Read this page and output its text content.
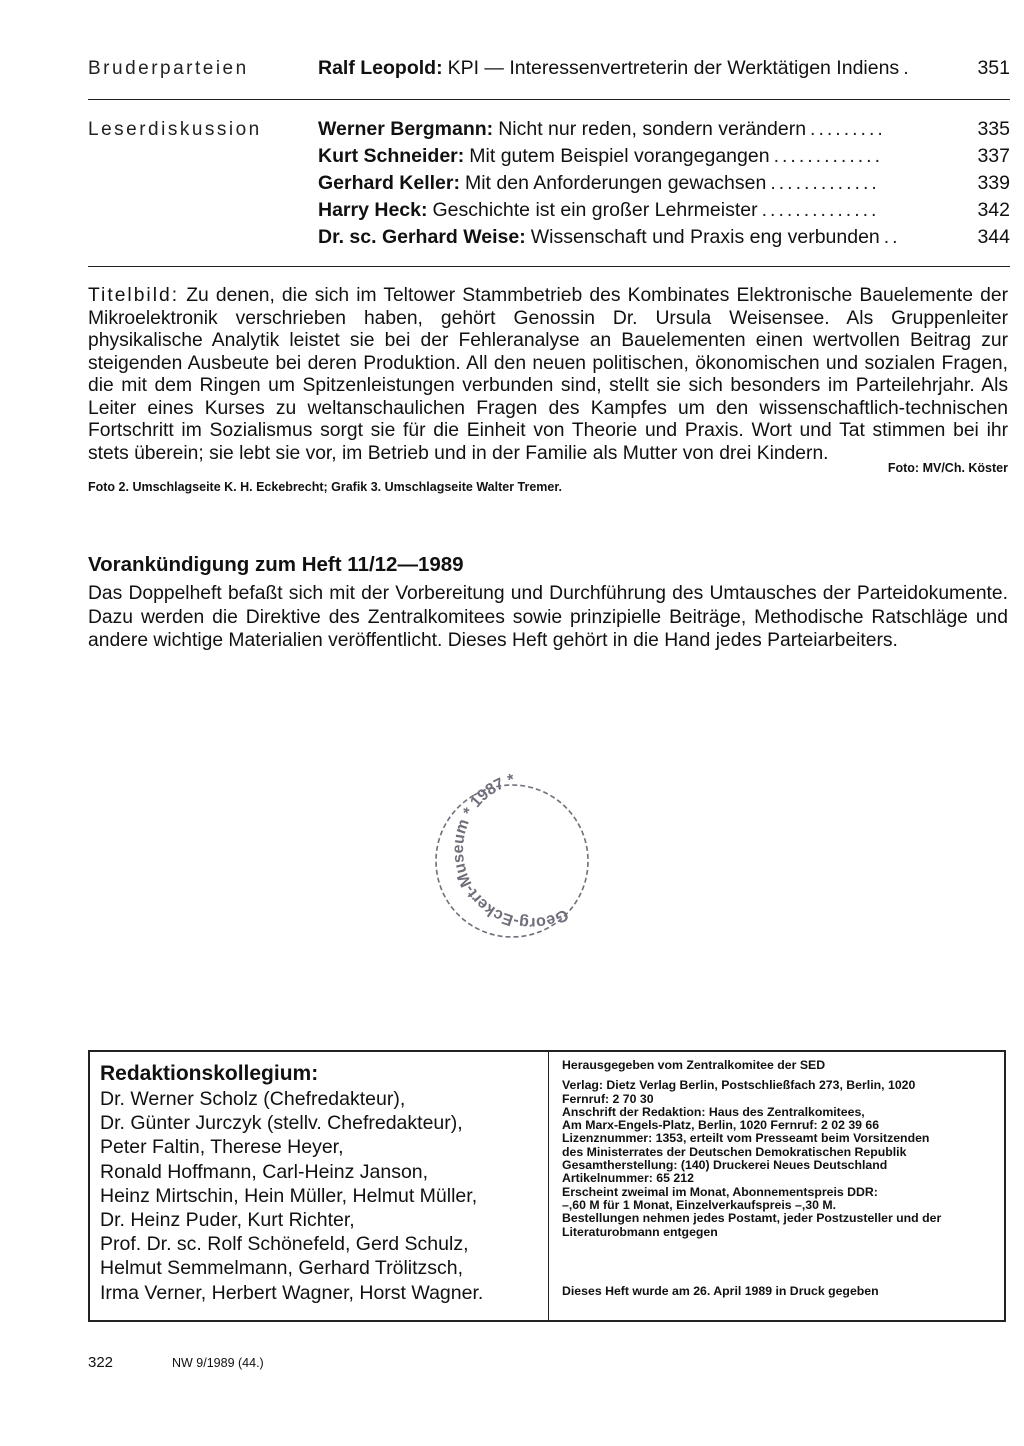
Bruderparteien	Ralf Leopold: KPI — Interessenvertreterin der Werktätigen Indiens .	351
Leserdiskussion	Werner Bergmann: Nicht nur reden, sondern verändern .........	335
Kurt Schneider: Mit gutem Beispiel vorangegangen .............	337
Gerhard Keller: Mit den Anforderungen gewachsen .............	339
Harry Heck: Geschichte ist ein großer Lehrmeister ..............	342
Dr. sc. Gerhard Weise: Wissenschaft und Praxis eng verbunden ..	344
Titelbild: Zu denen, die sich im Teltower Stammbetrieb des Kombinates Elektronische Bauelemente der Mikroelektronik verschrieben haben, gehört Genossin Dr. Ursula Weisensee. Als Gruppenleiter physikalische Analytik leistet sie bei der Fehleranalyse an Bauelementen einen wertvollen Beitrag zur steigenden Ausbeute bei deren Produktion. All den neuen politischen, ökonomischen und sozialen Fragen, die mit dem Ringen um Spitzenleistungen verbunden sind, stellt sie sich besonders im Parteilehrjahr. Als Leiter eines Kurses zu weltanschaulichen Fragen des Kampfes um den wissenschaftlich-technischen Fortschritt im Sozialismus sorgt sie für die Einheit von Theorie und Praxis. Wort und Tat stimmen bei ihr stets überein; sie lebt sie vor, im Betrieb und in der Familie als Mutter von drei Kindern.
Foto: MV/Ch. Köster
Foto 2. Umschlagseite K. H. Eckebrecht; Grafik 3. Umschlagseite Walter Tremer.
Vorankündigung zum Heft 11/12—1989
Das Doppelheft befaßt sich mit der Vorbereitung und Durchführung des Umtausches der Parteidokumente. Dazu werden die Direktive des Zentralkomitees sowie prinzipielle Beiträge, Methodische Ratschläge und andere wichtige Materialien veröffentlicht. Dieses Heft gehört in die Hand jedes Parteiarbeiters.
Georg-Eckert-Museum * 1987 *
Redaktionskollegium:
Dr. Werner Scholz (Chefredakteur),
Dr. Günter Jurczyk (stellv. Chefredakteur),
Peter Faltin, Therese Heyer,
Ronald Hoffmann, Carl-Heinz Janson,
Heinz Mirtschin, Hein Müller, Helmut Müller,
Dr. Heinz Puder, Kurt Richter,
Prof. Dr. sc. Rolf Schönefeld, Gerd Schulz,
Helmut Semmelmann, Gerhard Trölitzsch,
Irma Verner, Herbert Wagner, Horst Wagner.
Herausgegeben vom Zentralkomitee der SED
Verlag: Dietz Verlag Berlin, Postschließfach 273, Berlin, 1020
Fernruf: 2 70 30
Anschrift der Redaktion: Haus des Zentralkomitees,
Am Marx-Engels-Platz, Berlin, 1020 Fernruf: 2 02 39 66
Lizenznummer: 1353, erteilt vom Presseamt beim Vorsitzenden
des Ministerrates der Deutschen Demokratischen Republik
Gesamtherstellung: (140) Druckerei Neues Deutschland
Artikelnummer: 65 212
Erscheint zweimal im Monat, Abonnementspreis DDR:
–,60 M für 1 Monat, Einzelverkaufspreis –,30 M.
Bestellungen nehmen jedes Postamt, jeder Postzusteller und der
Literaturobmann entgegen
Dieses Heft wurde am 26. April 1989 in Druck gegeben
322	NW 9/1989 (44.)
